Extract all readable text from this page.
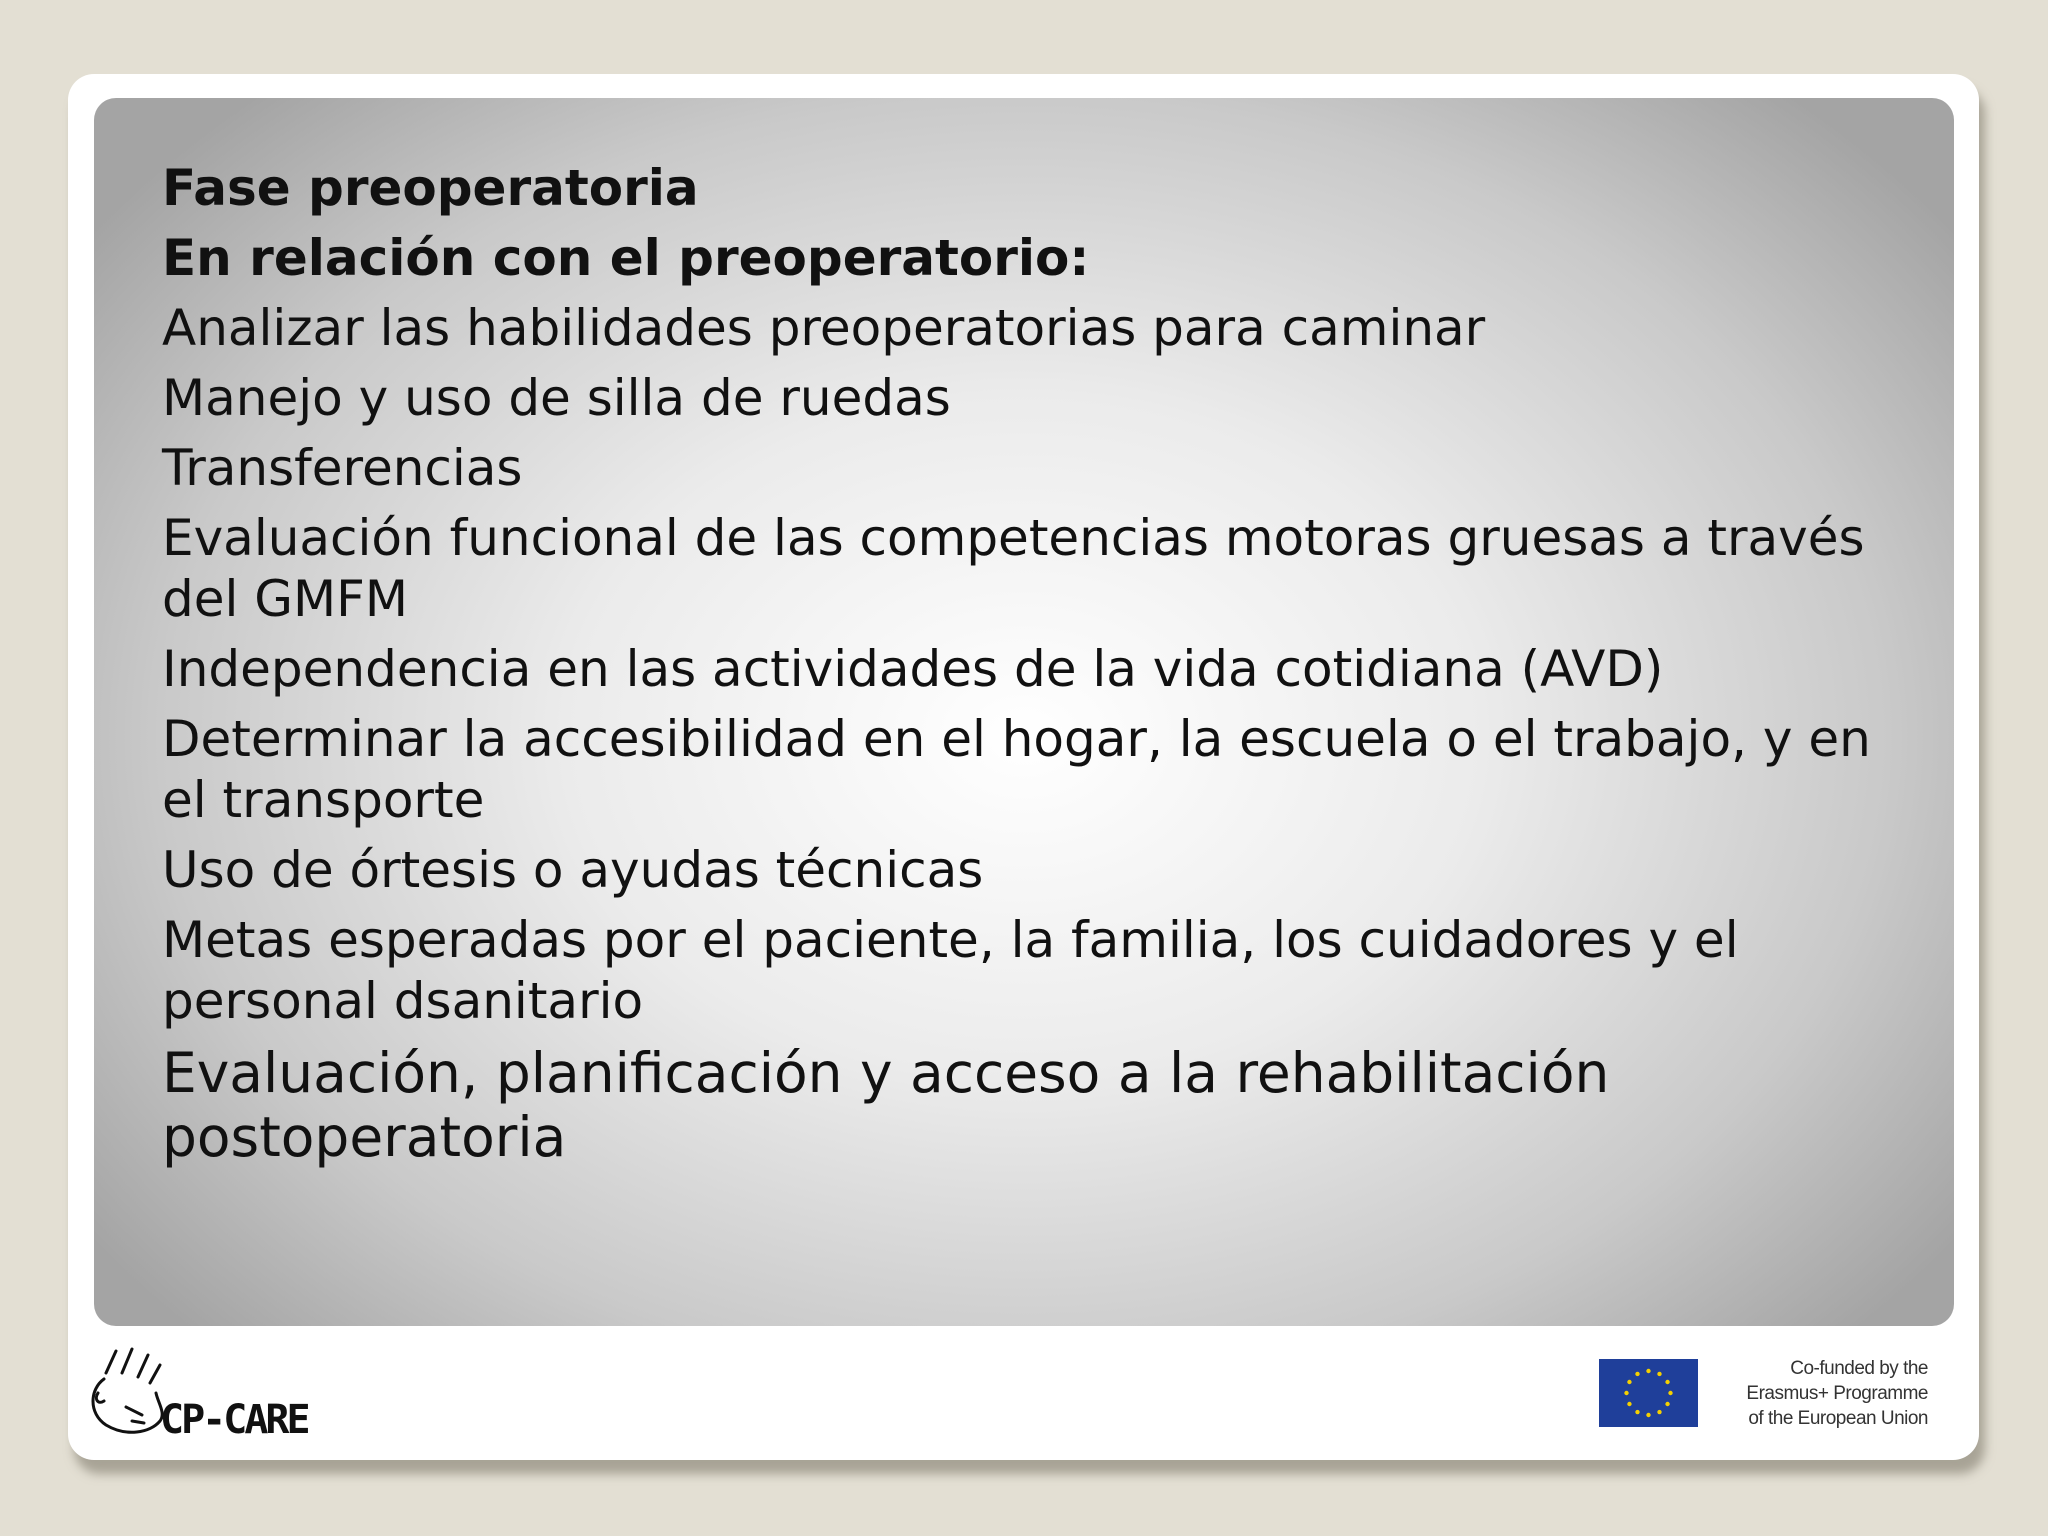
Fase preoperatoria
En relación con el preoperatorio:
Analizar las habilidades preoperatorias para caminar
Manejo y uso de silla de ruedas
Transferencias
Evaluación funcional de las competencias motoras gruesas a través del GMFM
Independencia en las actividades de la vida cotidiana (AVD)
Determinar la accesibilidad en el hogar, la escuela o el trabajo, y en el transporte
Uso de órtesis o ayudas técnicas
Metas esperadas por el paciente, la familia, los cuidadores y el personal dsanitario
Evaluación, planificación y acceso a la rehabilitación postoperatoria
CP-CARE
Co-funded by the
Erasmus+ Programme
of the European Union
